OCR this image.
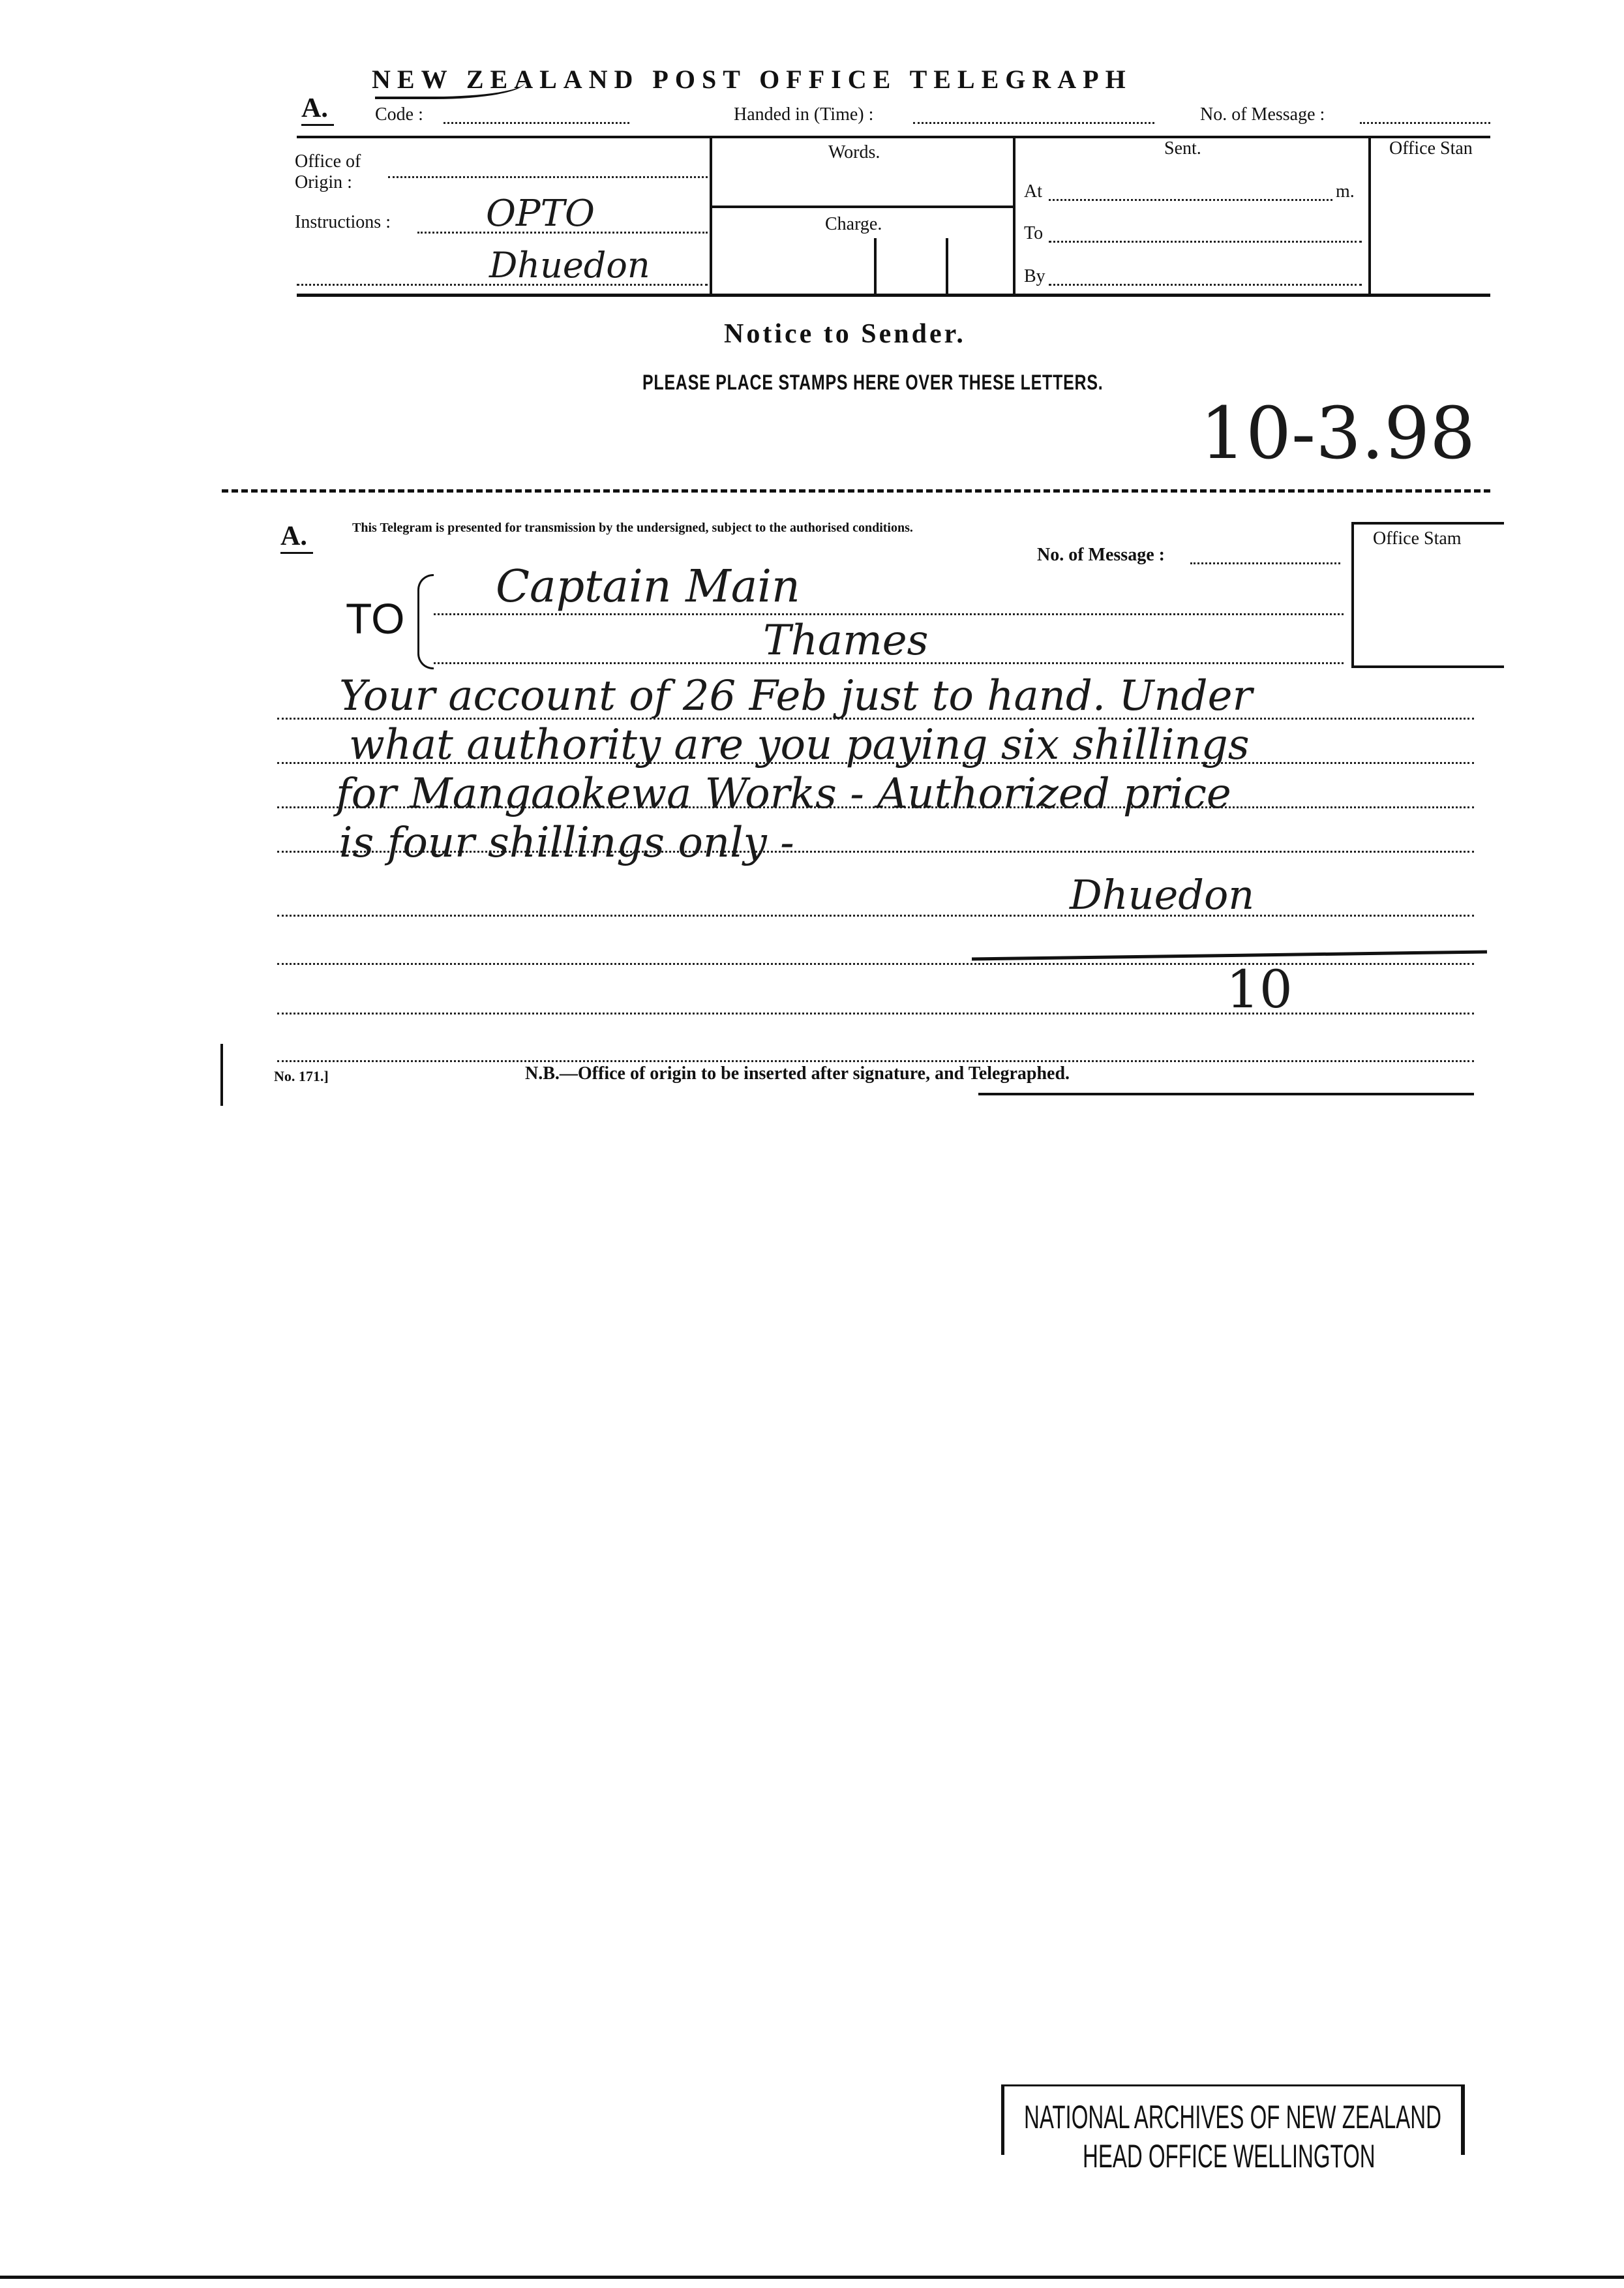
NEW ZEALAND POST OFFICE TELEGRAPH
A.	Code :	Handed in (Time) :	No. of Message :
Office of Origin :
Instructions :	OPTO
Dhuedon
Words.
Charge.
Sent.
At	m.
To
By
Office Stan
Notice to Sender.
PLEASE PLACE STAMPS HERE OVER THESE LETTERS.
10-3.98
A.	This Telegram is presented for transmission by the undersigned, subject to the authorised conditions.
No. of Message :
Office Stam
TO
Captain Main
Thames
Your account of 26 Feb just to hand. Under
what authority are you paying six shillings
for Mangaokewa Works - Authorized price
is four shillings only -
Dhuedon
10
No. 171.]	N.B.—Office of origin to be inserted after signature, and Telegraphed.
NATIONAL ARCHIVES OF NEW ZEALAND
HEAD OFFICE WELLINGTON
